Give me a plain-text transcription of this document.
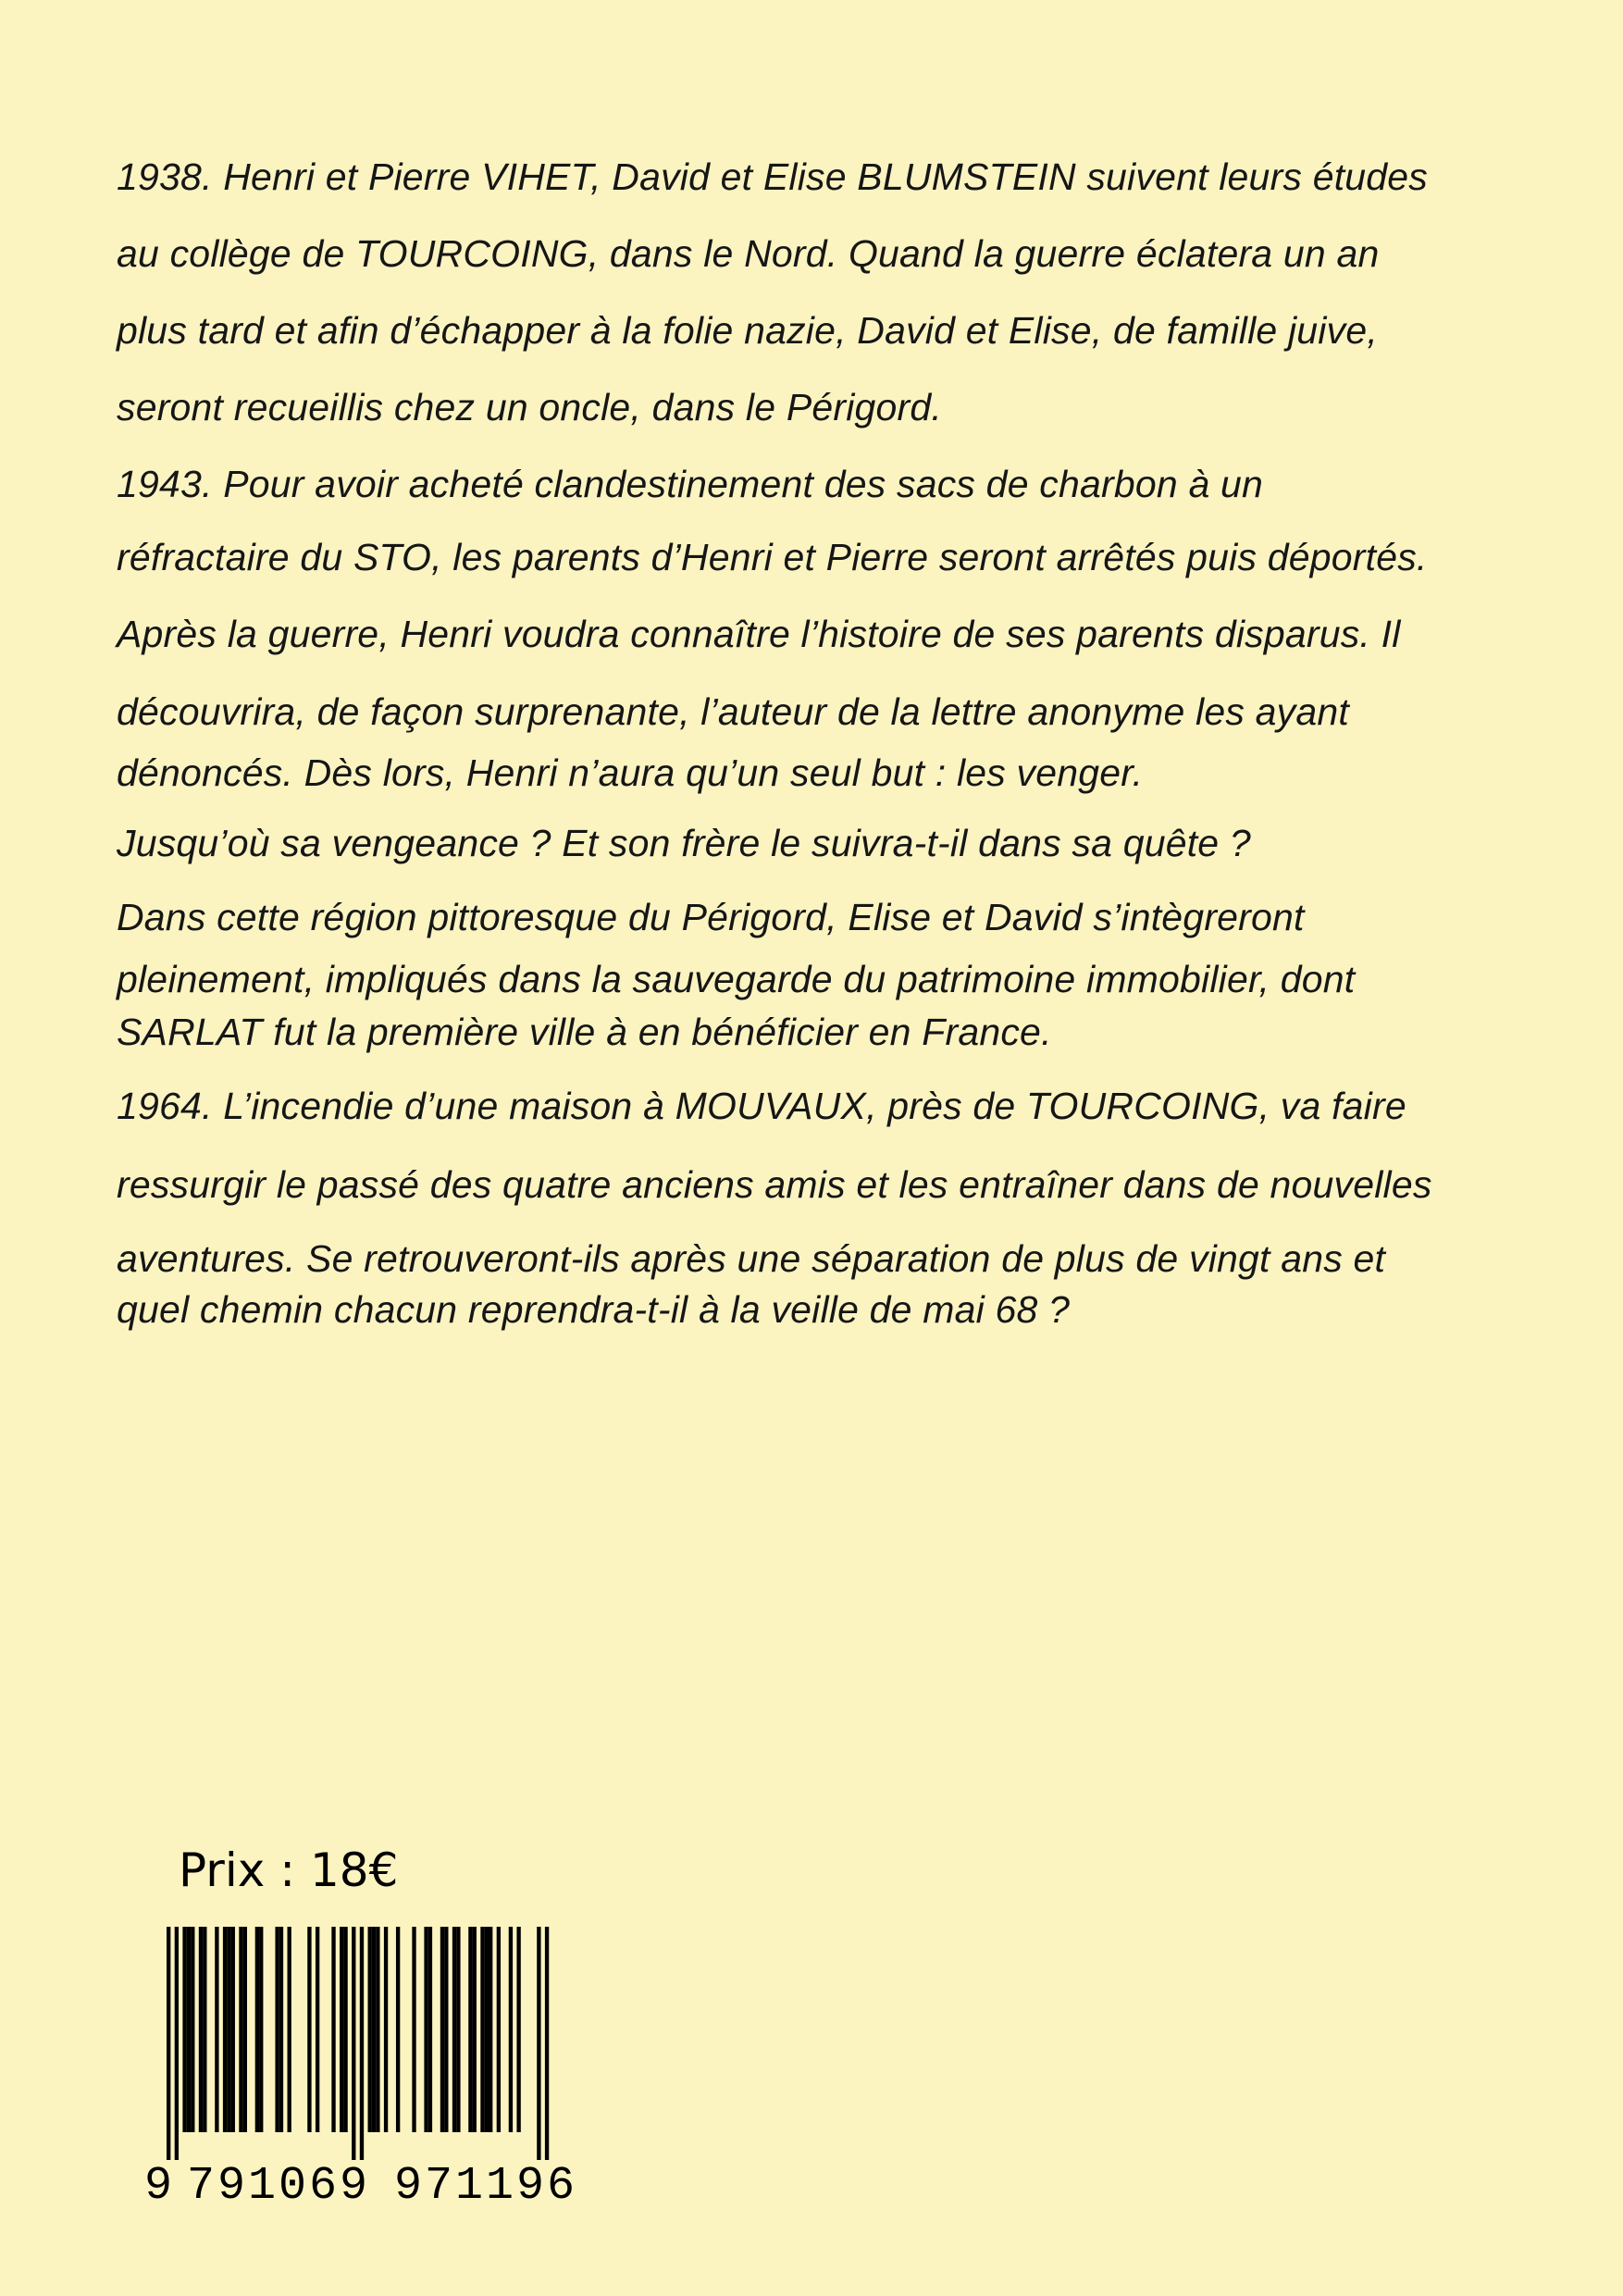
1938. Henri et Pierre VIHET, David et Elise BLUMSTEIN suivent leurs études
au collège de TOURCOING, dans le Nord. Quand la guerre éclatera un an
plus tard et afin d’échapper à la folie nazie, David et Elise, de famille juive,
seront recueillis chez un oncle, dans le Périgord.
1943. Pour avoir acheté clandestinement des sacs de charbon à un
réfractaire du STO, les parents d’Henri et Pierre seront arrêtés puis déportés.
Après la guerre, Henri voudra connaître l’histoire de ses parents disparus. Il
découvrira, de façon surprenante, l’auteur de la lettre anonyme les ayant
dénoncés. Dès lors, Henri n’aura qu’un seul but : les venger.
Jusqu’où sa vengeance ? Et son frère le suivra-t-il dans sa quête ?
Dans cette région pittoresque du Périgord, Elise et David s’intègreront
pleinement, impliqués dans la sauvegarde du patrimoine immobilier, dont
SARLAT fut la première ville à en bénéficier en France.
1964. L’incendie d’une maison à MOUVAUX, près de TOURCOING, va faire
ressurgir le passé des quatre anciens amis et les entraîner dans de nouvelles
aventures. Se retrouveront-ils après une séparation de plus de vingt ans et
quel chemin chacun reprendra-t-il à la veille de mai 68 ?
Prix : 18€
9 791069 971196
